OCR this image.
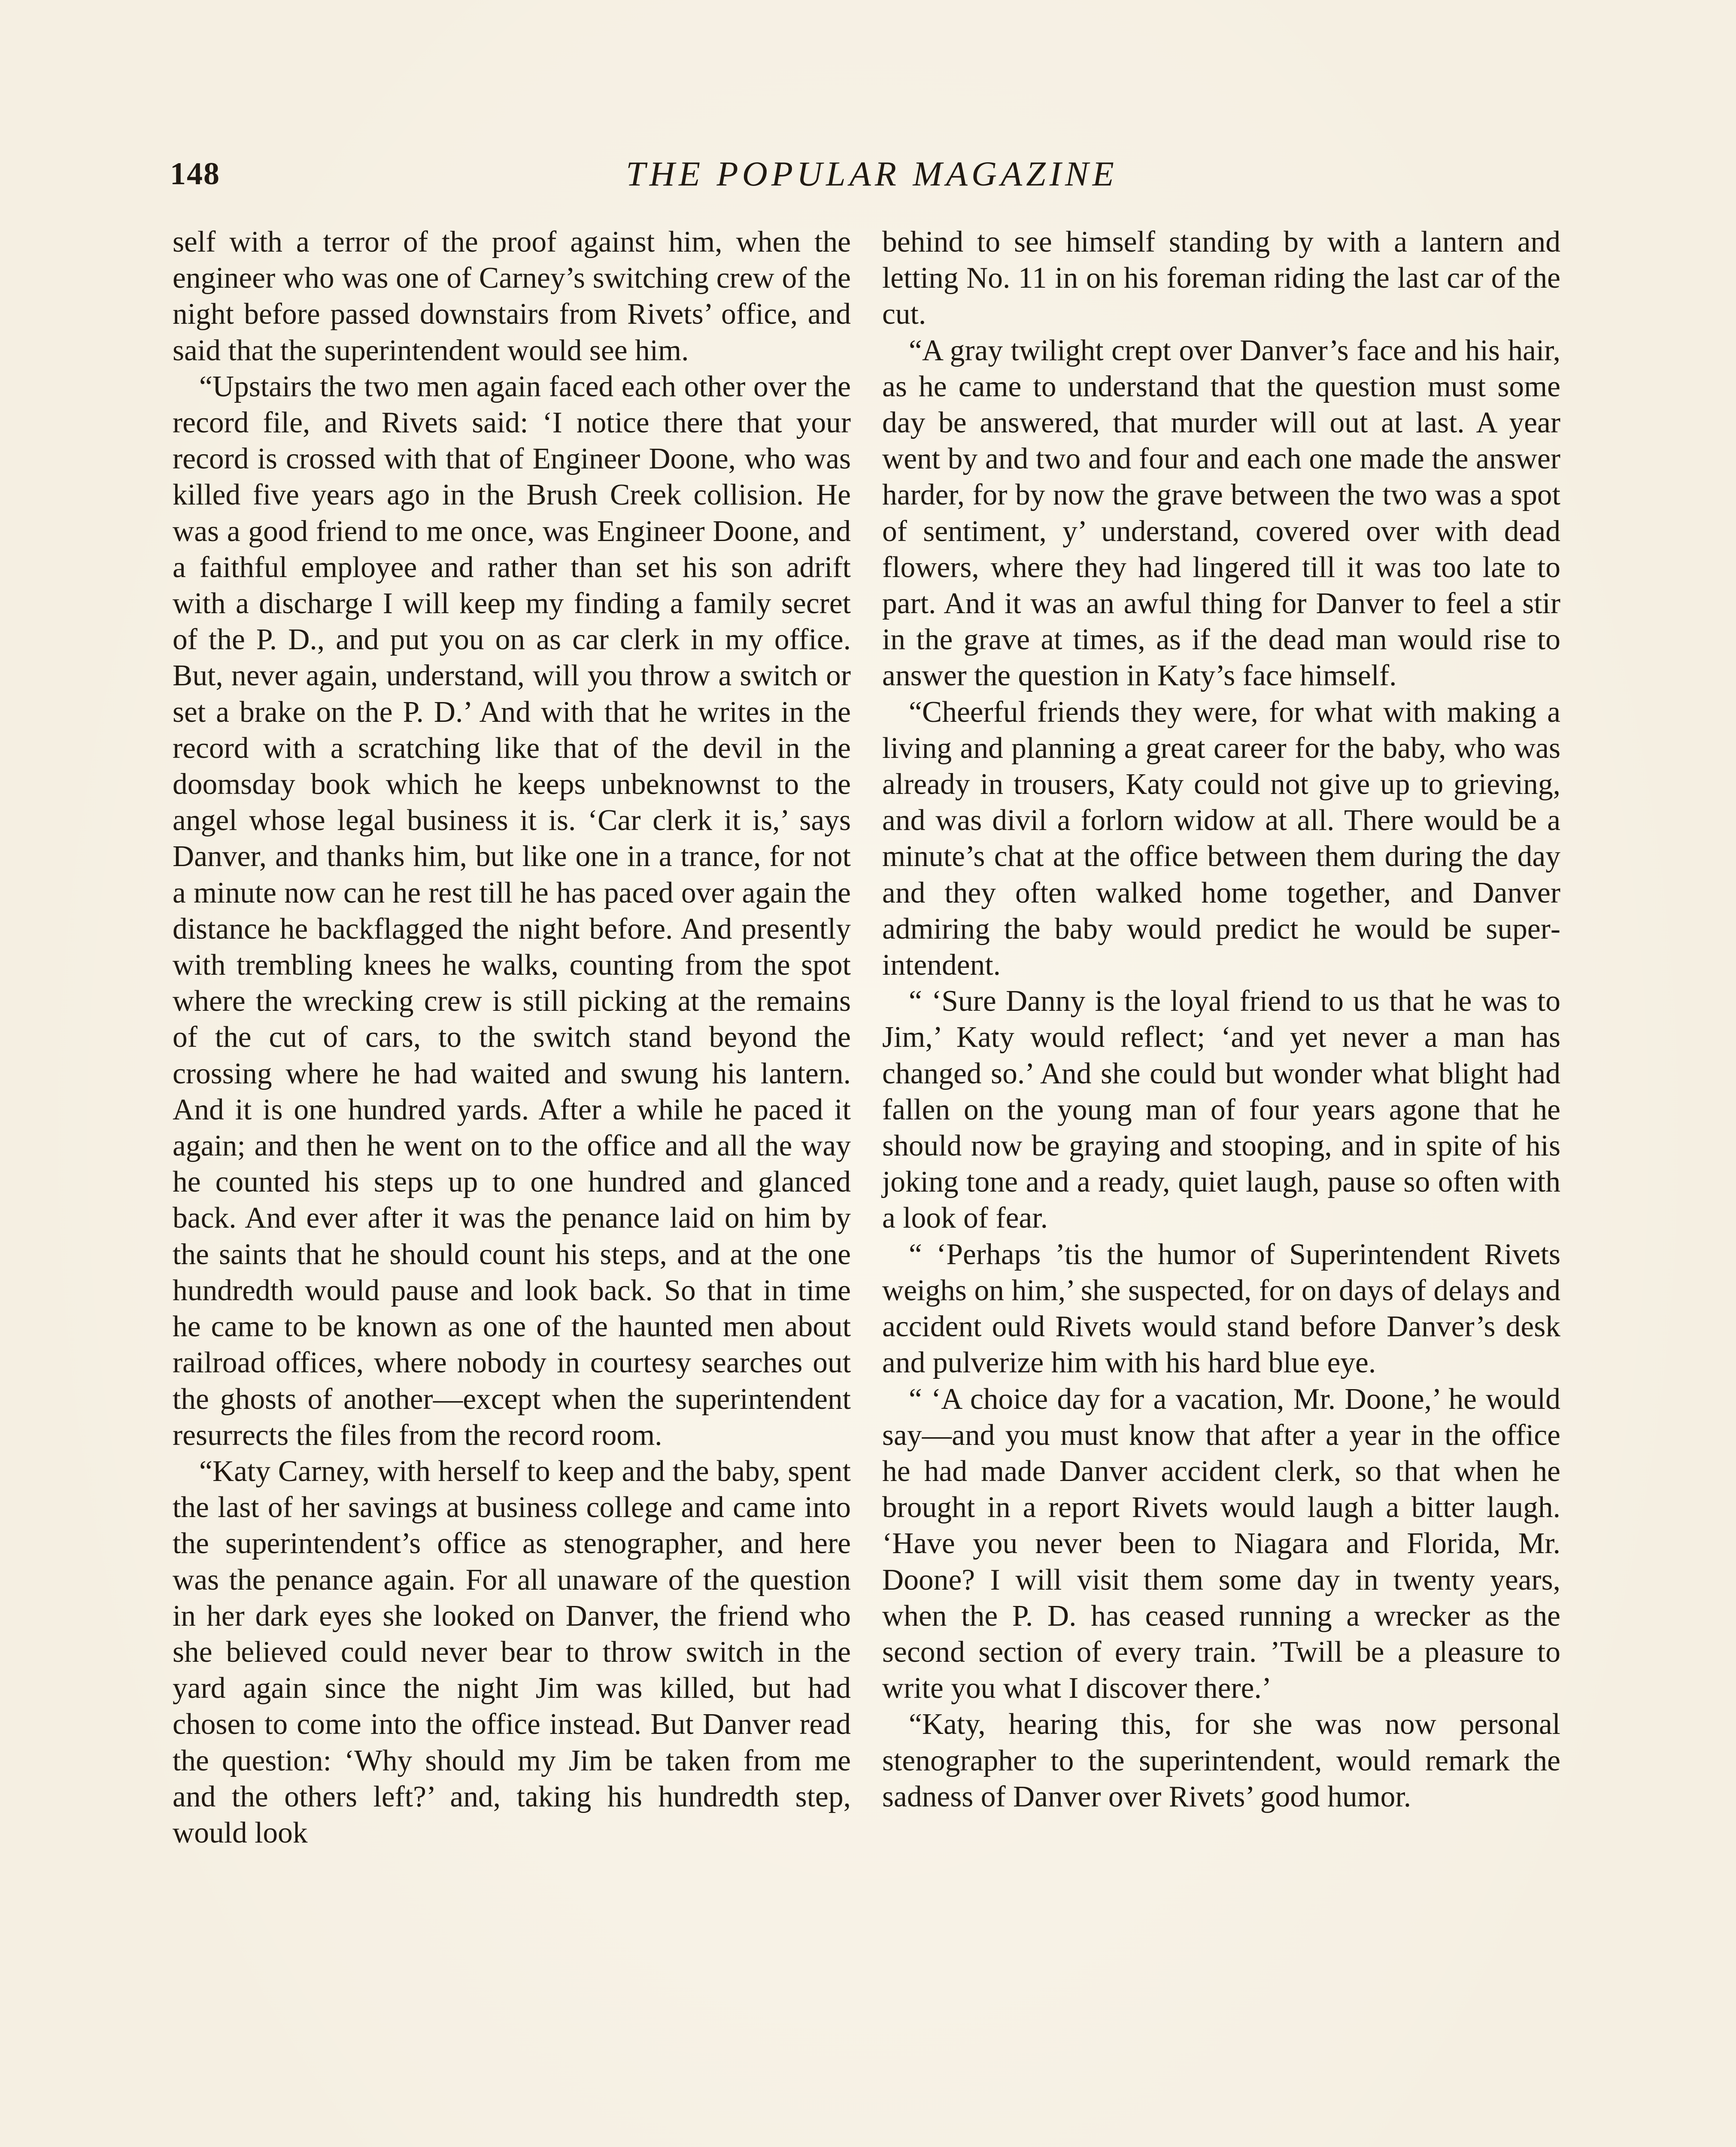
148	THE POPULAR MAGAZINE

self with a terror of the proof against him, when the engineer who was one of Carney’s switching crew of the night before passed downstairs from Rivets’ office, and said that the superintendent would see him.

“Upstairs the two men again faced each other over the record file, and Rivets said: ‘I notice there that your record is crossed with that of Engineer Doone, who was killed five years ago in the Brush Creek collision. He was a good friend to me once, was Engineer Doone, and a faithful employee and rather than set his son adrift with a discharge I will keep my finding a family secret of the P. D., and put you on as car clerk in my office. But, never again, understand, will you throw a switch or set a brake on the P. D.’ And with that he writes in the record with a scratching like that of the devil in the doomsday book which he keeps unbeknownst to the angel whose legal business it is. ‘Car clerk it is,’ says Danver, and thanks him, but like one in a trance, for not a minute now can he rest till he has paced over again the distance he backflagged the night before. And presently with trembling knees he walks, counting from the spot where the wrecking crew is still picking at the remains of the cut of cars, to the switch stand beyond the crossing where he had waited and swung his lantern. And it is one hundred yards. After a while he paced it again; and then he went on to the office and all the way he counted his steps up to one hundred and glanced back. And ever after it was the penance laid on him by the saints that he should count his steps, and at the one hundredth would pause and look back. So that in time he came to be known as one of the haunted men about railroad offices, where nobody in courtesy searches out the ghosts of another—except when the superintendent resurrects the files from the record room.

“Katy Carney, with herself to keep and the baby, spent the last of her savings at business college and came into the superintendent’s office as stenographer, and here was the penance again. For all unaware of the question in her dark eyes she looked on Danver, the friend who she believed could never bear to throw switch in the yard again since the night Jim was killed, but had chosen to come into the office instead. But Danver read the question: ‘Why should my Jim be taken from me and the others left?’ and, taking his hundredth step, would look

behind to see himself standing by with a lantern and letting No. 11 in on his foreman riding the last car of the cut.

“A gray twilight crept over Danver’s face and his hair, as he came to understand that the question must some day be answered, that murder will out at last. A year went by and two and four and each one made the answer harder, for by now the grave between the two was a spot of sentiment, y’ understand, covered over with dead flowers, where they had lingered till it was too late to part. And it was an awful thing for Danver to feel a stir in the grave at times, as if the dead man would rise to answer the question in Katy’s face himself.

“Cheerful friends they were, for what with making a living and planning a great career for the baby, who was already in trousers, Katy could not give up to grieving, and was divil a forlorn widow at all. There would be a minute’s chat at the office between them during the day and they often walked home together, and Danver admiring the baby would predict he would be superintendent.

“ ‘Sure Danny is the loyal friend to us that he was to Jim,’ Katy would reflect; ‘and yet never a man has changed so.’ And she could but wonder what blight had fallen on the young man of four years agone that he should now be graying and stooping, and in spite of his joking tone and a ready, quiet laugh, pause so often with a look of fear.

“ ‘Perhaps ’tis the humor of Superintendent Rivets weighs on him,’ she suspected, for on days of delays and accident ould Rivets would stand before Danver’s desk and pulverize him with his hard blue eye.

“ ‘A choice day for a vacation, Mr. Doone,’ he would say—and you must know that after a year in the office he had made Danver accident clerk, so that when he brought in a report Rivets would laugh a bitter laugh. ‘Have you never been to Niagara and Florida, Mr. Doone? I will visit them some day in twenty years, when the P. D. has ceased running a wrecker as the second section of every train. ’Twill be a pleasure to write you what I discover there.’

“Katy, hearing this, for she was now personal stenographer to the superintendent, would remark the sadness of Danver over Rivets’ good humor.
